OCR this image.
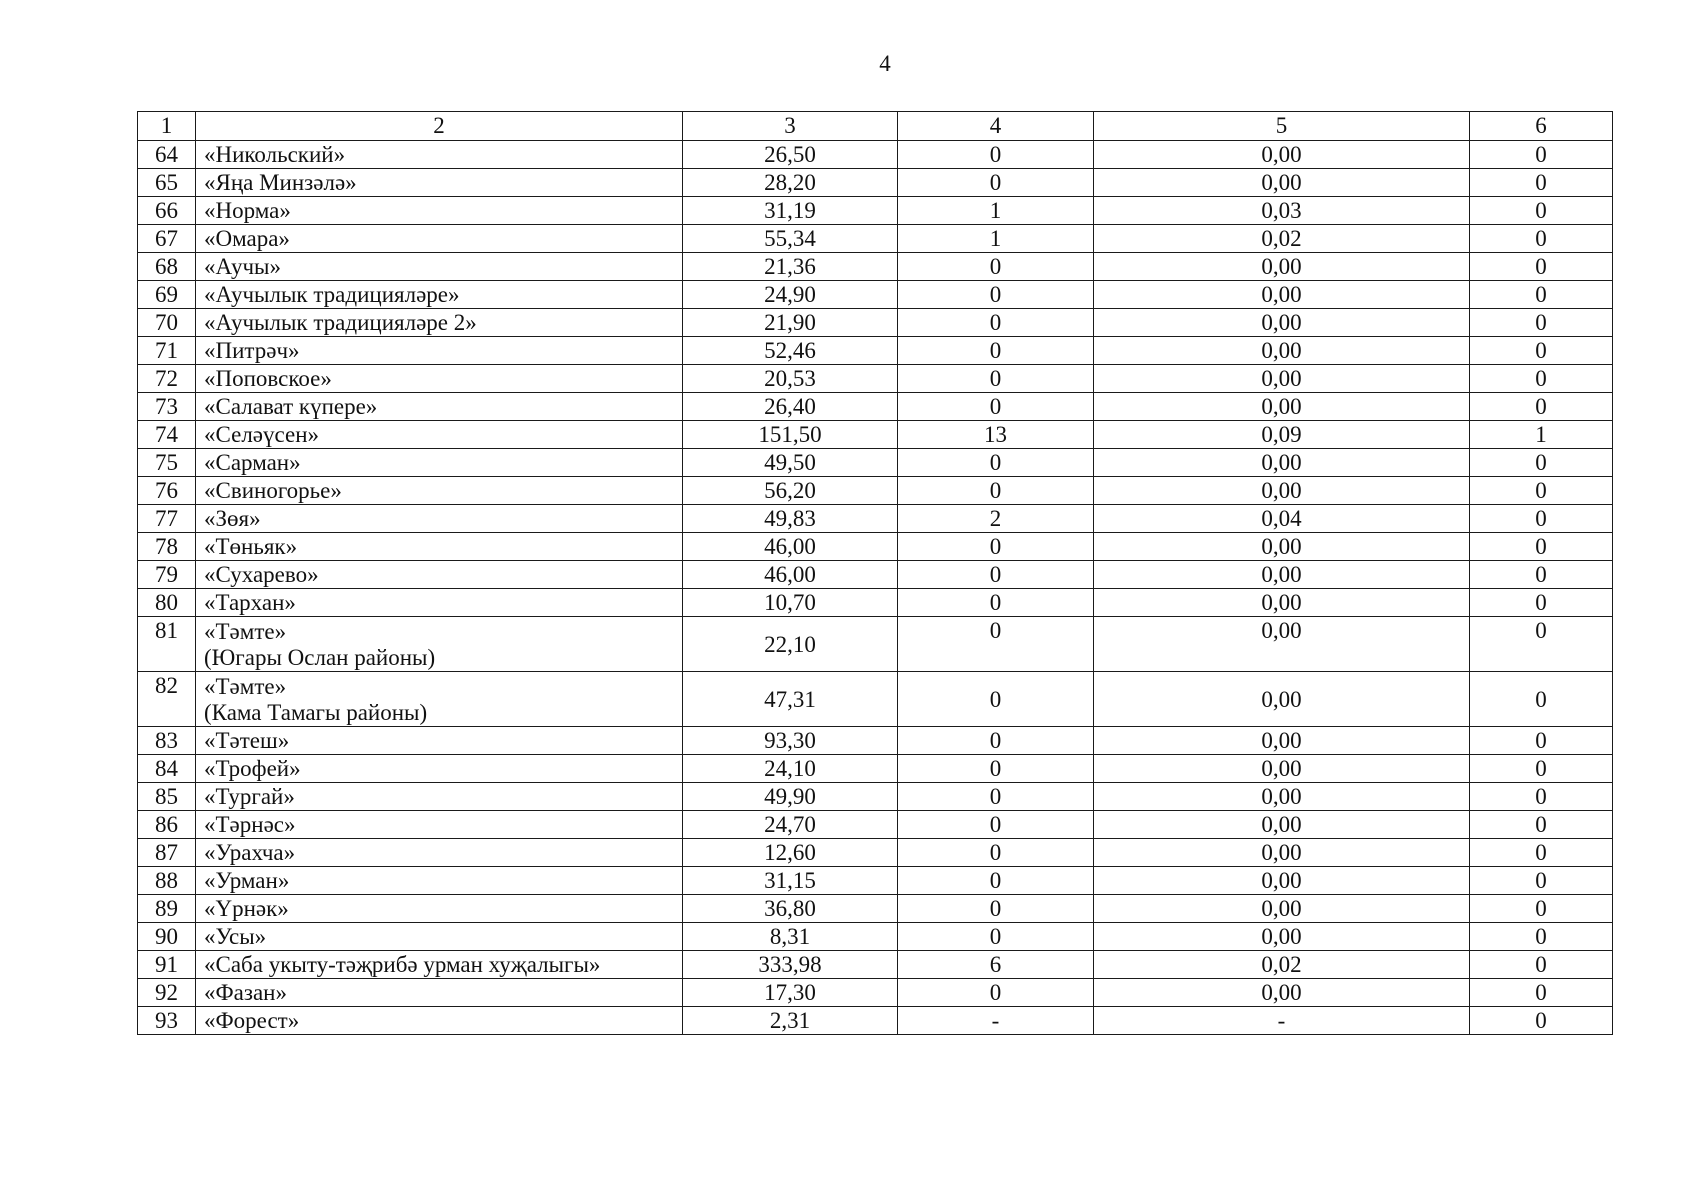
4
1	2	3	4	5	6
64	«Никольский»	26,50	0	0,00	0
65	«Яңа Минзәлә»	28,20	0	0,00	0
66	«Норма»	31,19	1	0,03	0
67	«Омара»	55,34	1	0,02	0
68	«Аучы»	21,36	0	0,00	0
69	«Аучылык традицияләре»	24,90	0	0,00	0
70	«Аучылык традицияләре 2»	21,90	0	0,00	0
71	«Питрәч»	52,46	0	0,00	0
72	«Поповское»	20,53	0	0,00	0
73	«Салават күпере»	26,40	0	0,00	0
74	«Селәүсен»	151,50	13	0,09	1
75	«Сарман»	49,50	0	0,00	0
76	«Свиногорье»	56,20	0	0,00	0
77	«Зөя»	49,83	2	0,04	0
78	«Төньяк»	46,00	0	0,00	0
79	«Сухарево»	46,00	0	0,00	0
80	«Тархан»	10,70	0	0,00	0
81	«Тәмте»
(Югары Ослан районы)	22,10	0	0,00	0
82	«Тәмте»
(Кама Тамагы районы)	47,31	0	0,00	0
83	«Тәтеш»	93,30	0	0,00	0
84	«Трофей»	24,10	0	0,00	0
85	«Тургай»	49,90	0	0,00	0
86	«Тәрнәс»	24,70	0	0,00	0
87	«Урахча»	12,60	0	0,00	0
88	«Урман»	31,15	0	0,00	0
89	«Үрнәк»	36,80	0	0,00	0
90	«Усы»	8,31	0	0,00	0
91	«Саба укыту-тәҗрибә урман хуҗалыгы»	333,98	6	0,02	0
92	«Фазан»	17,30	0	0,00	0
93	«Форест»	2,31	-	-	0
